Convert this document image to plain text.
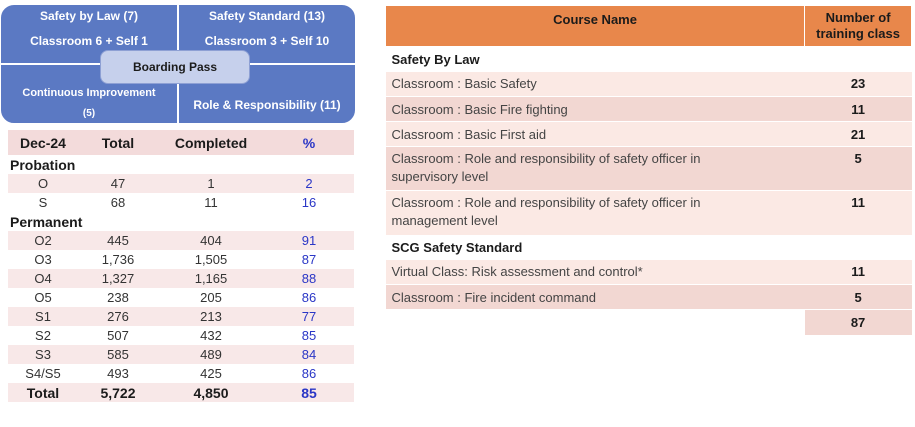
Safety by Law (7)
Classroom 6 + Self 1
Safety Standard (13)
Classroom 3 + Self 10
Continuous Improvement
(5)
Role & Responsibility (11)
Boarding Pass
Dec-24	Total	Completed	%
Probation			
O	47	1	2
S	68	11	16
Permanent			
O2	445	404	91
O3	1,736	1,505	87
O4	1,327	1,165	88
O5	238	205	86
S1	276	213	77
S2	507	432	85
S3	585	489	84
S4/S5	493	425	86
Total	5,722	4,850	85
Course Name	Number of
training class
Safety By Law	
Classroom : Basic Safety	23
Classroom : Basic Fire fighting	11
Classroom : Basic First aid	21
Classroom : Role and responsibility of safety officer in
supervisory level	5
Classroom : Role and responsibility of safety officer in
management level	11
SCG Safety Standard	
Virtual Class: Risk assessment and control*	11
Classroom : Fire incident command	5
	87
